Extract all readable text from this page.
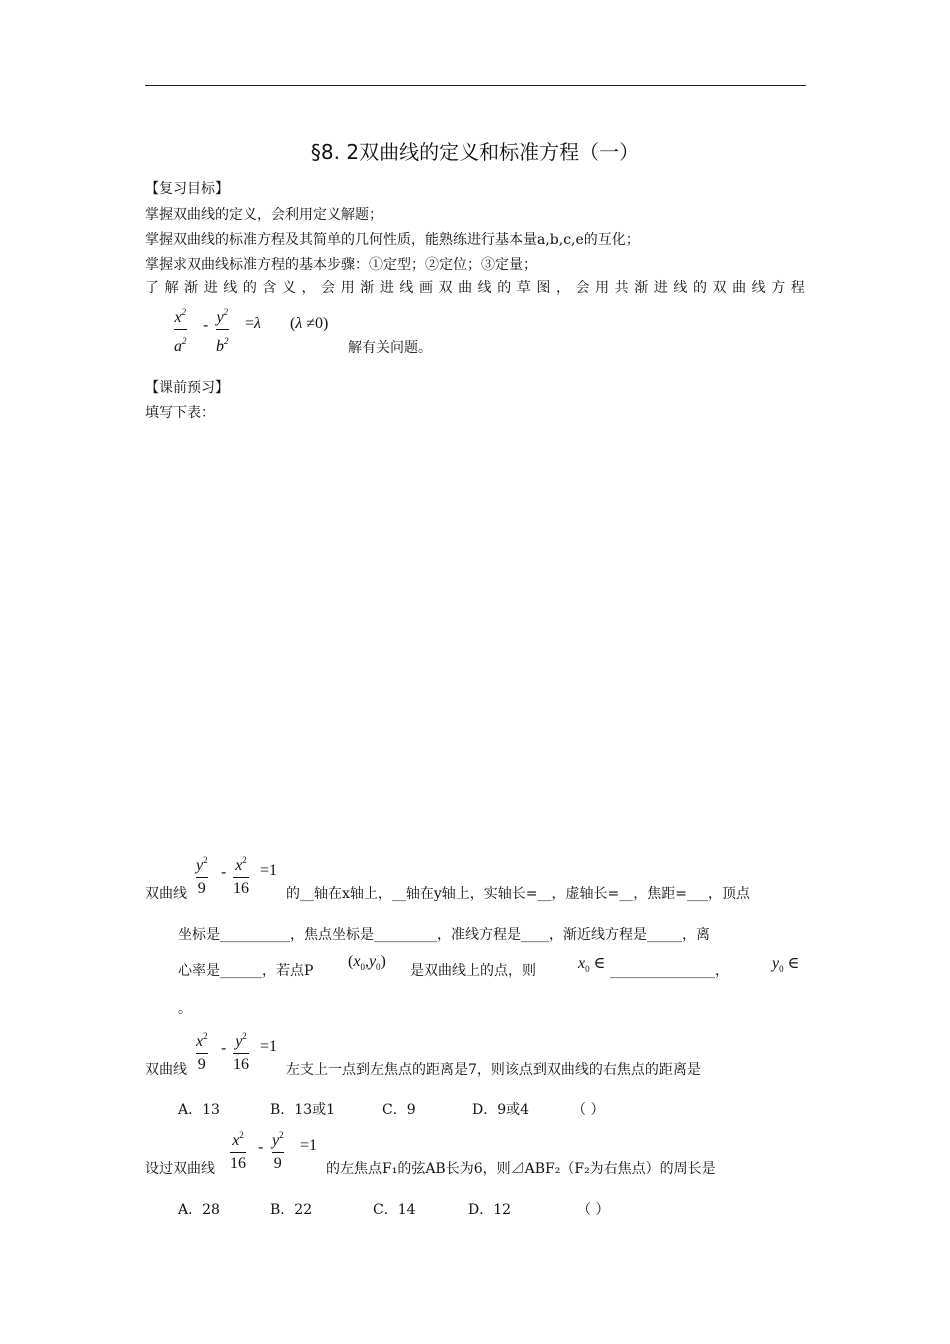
§8. 2双曲线的定义和标准方程（一）
【复习目标】
掌握双曲线的定义，会利用定义解题；
掌握双曲线的标准方程及其简单的几何性质，能熟练进行基本量a,b,c,e的互化；
掌握求双曲线标准方程的基本步骤：①定型；②定位；③定量；
了解渐进线的含义，会用渐进线画双曲线的草图，会用共渐进线的双曲线方程
$x^2$
$a^2$
- $y^2$
$b^2$
=λ (λ ≠0)
解有关问题。
【课前预习】
填写下表：
双曲线
$y^2$
9
- $x^2$
16
=1
的__轴在x轴上，__轴在y轴上，实轴长=__，虚轴长=__，焦距=___，顶点
坐标是__________，焦点坐标是_________，准线方程是____，渐近线方程是_____，离
心率是______，若点P
$(x_0,y_0)$
是双曲线上的点，则	$x_0$ ∈ _______________，	$y_0$ ∈
。
双曲线
$x^2$
9
- $y^2$
16
=1
左支上一点到左焦点的距离是7，则该点到双曲线的右焦点的距离是
A．13	B．13或1	C．9	D．9或4	（ ）
设过双曲线
$x^2$
16
- $y^2$
9
=1
的左焦点F₁的弦AB长为6，则⊿ABF₂（F₂为右焦点）的周长是
A．28	B．22	C．14	D．12	（ ）
